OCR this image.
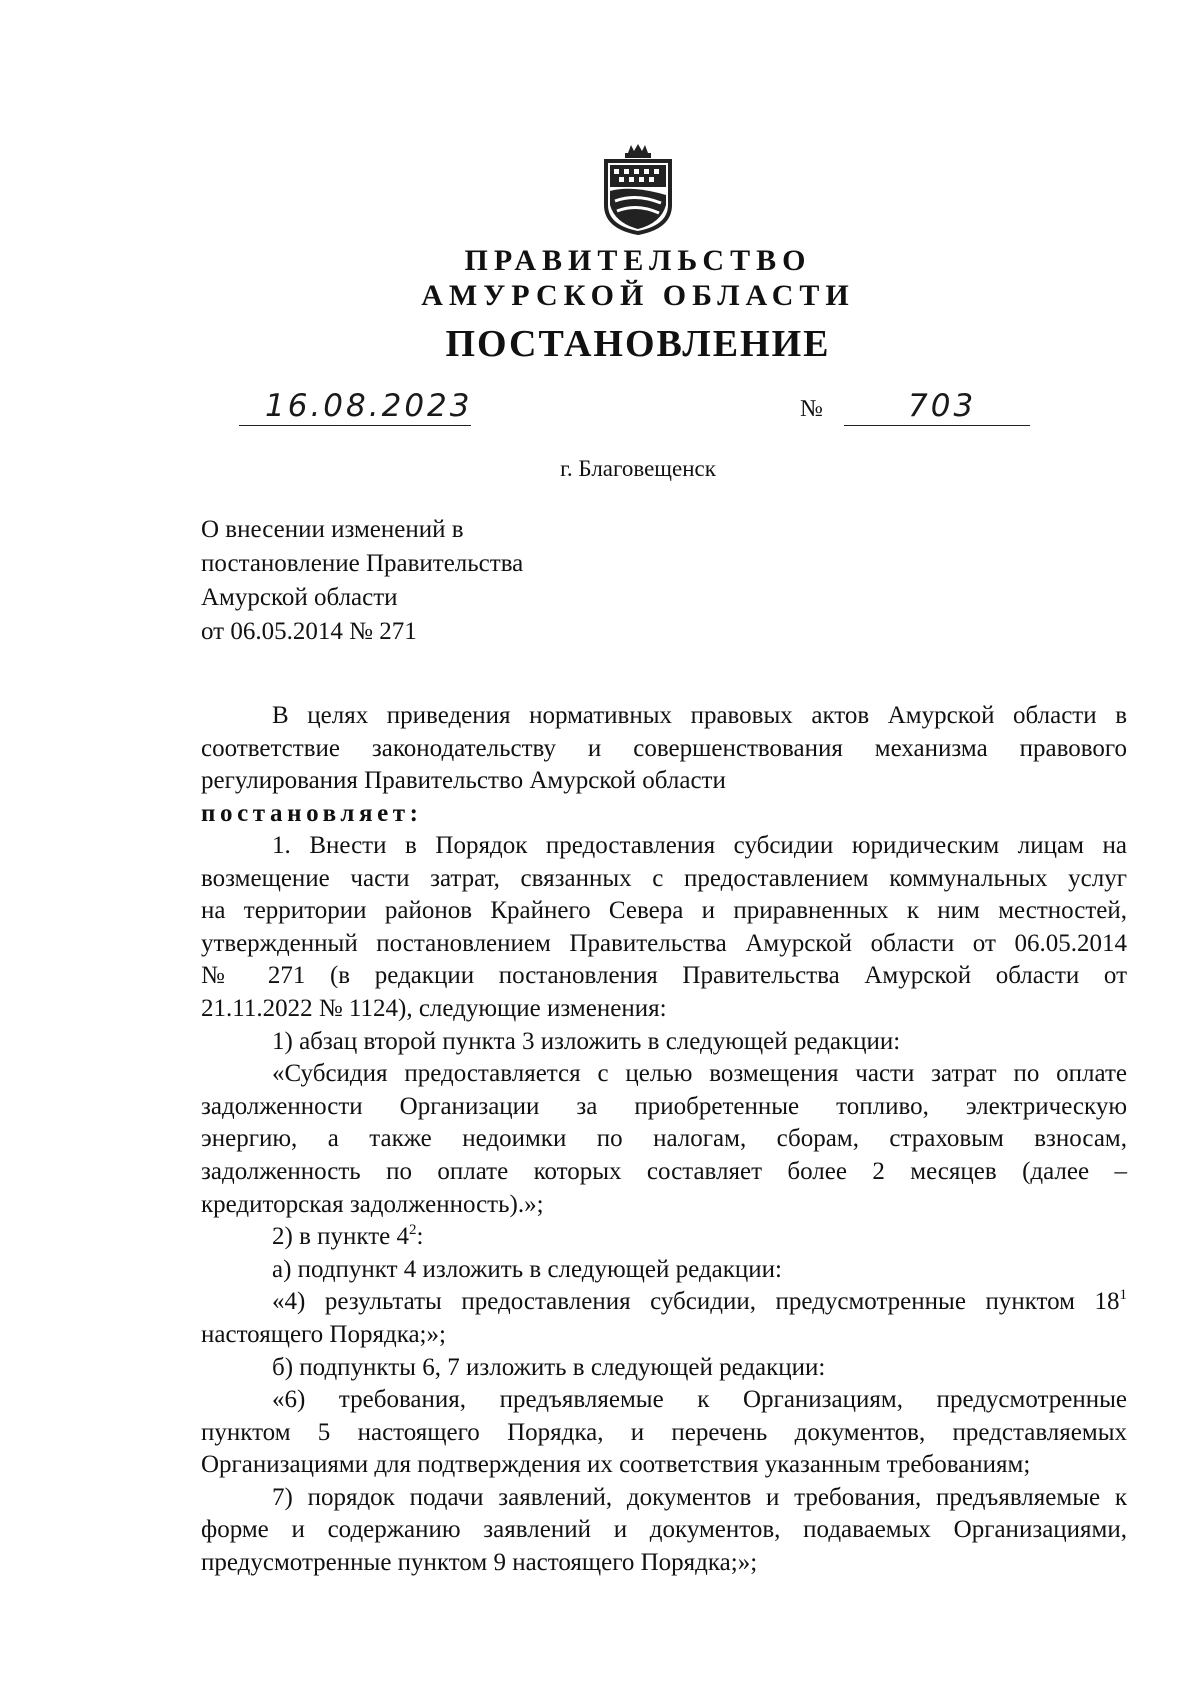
ПРАВИТЕЛЬСТВО
АМУРСКОЙ ОБЛАСТИ
ПОСТАНОВЛЕНИЕ
16.08.2023	№	703
г. Благовещенск
О внесении изменений в
постановление Правительства
Амурской области
от 06.05.2014 № 271
В целях приведения нормативных правовых актов Амурской области в
соответствие законодательству и совершенствования механизма правового
регулирования Правительство Амурской области
постановляет:
1. Внести в Порядок предоставления субсидии юридическим лицам на
возмещение части затрат, связанных с предоставлением коммунальных услуг
на территории районов Крайнего Севера и приравненных к ним местностей,
утвержденный постановлением Правительства Амурской области от 06.05.2014
№ 271 (в редакции постановления Правительства Амурской области от
21.11.2022 № 1124), следующие изменения:
1) абзац второй пункта 3 изложить в следующей редакции:
«Субсидия предоставляется с целью возмещения части затрат по оплате
задолженности Организации за приобретенные топливо, электрическую
энергию, а также недоимки по налогам, сборам, страховым взносам,
задолженность по оплате которых составляет более 2 месяцев (далее –
кредиторская задолженность).»;
2) в пункте $4^2$:
а) подпункт 4 изложить в следующей редакции:
«4) результаты предоставления субсидии, предусмотренные пунктом $18^1$
настоящего Порядка;»;
б) подпункты 6, 7 изложить в следующей редакции:
«6) требования, предъявляемые к Организациям, предусмотренные
пунктом 5 настоящего Порядка, и перечень документов, представляемых
Организациями для подтверждения их соответствия указанным требованиям;
7) порядок подачи заявлений, документов и требования, предъявляемые к
форме и содержанию заявлений и документов, подаваемых Организациями,
предусмотренные пунктом 9 настоящего Порядка;»;
